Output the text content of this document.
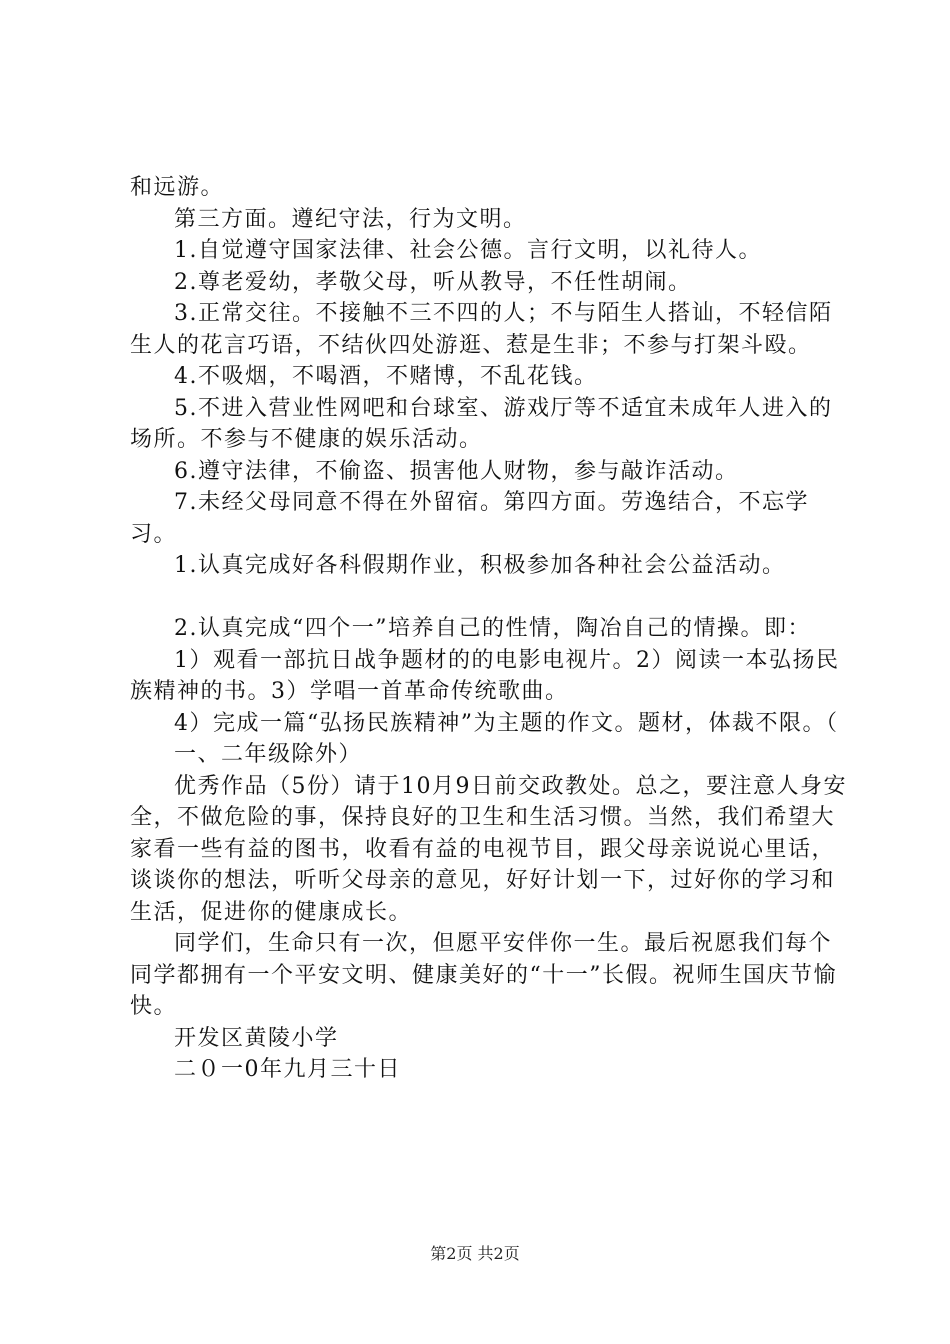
和远游。

第三方面。遵纪守法，行为文明。

1.自觉遵守国家法律、社会公德。言行文明，以礼待人。

2.尊老爱幼，孝敬父母，听从教导，不任性胡闹。

3.正常交往。不接触不三不四的人；不与陌生人搭讪，不轻信陌生人的花言巧语，不结伙四处游逛、惹是生非；不参与打架斗殴。

4.不吸烟，不喝酒，不赌博，不乱花钱。

5.不进入营业性网吧和台球室、游戏厅等不适宜未成年人进入的场所。不参与不健康的娱乐活动。

6.遵守法律，不偷盗、损害他人财物，参与敲诈活动。

7.未经父母同意不得在外留宿。第四方面。劳逸结合，不忘学习。

1.认真完成好各科假期作业，积极参加各种社会公益活动。

2.认真完成“四个一”培养自己的性情，陶冶自己的情操。即：

1）观看一部抗日战争题材的的电影电视片。2）阅读一本弘扬民族精神的书。3）学唱一首革命传统歌曲。

4）完成一篇“弘扬民族精神”为主题的作文。题材，体裁不限。（

一、二年级除外）

优秀作品（5份）请于10月9日前交政教处。总之，要注意人身安全，不做危险的事，保持良好的卫生和生活习惯。当然，我们希望大家看一些有益的图书，收看有益的电视节目，跟父母亲说说心里话，谈谈你的想法，听听父母亲的意见，好好计划一下，过好你的学习和生活，促进你的健康成长。

同学们，生命只有一次，但愿平安伴你一生。最后祝愿我们每个同学都拥有一个平安文明、健康美好的“十一”长假。祝师生国庆节愉快。

开发区黄陵小学

二０一0年九月三十日

第2页 共2页
